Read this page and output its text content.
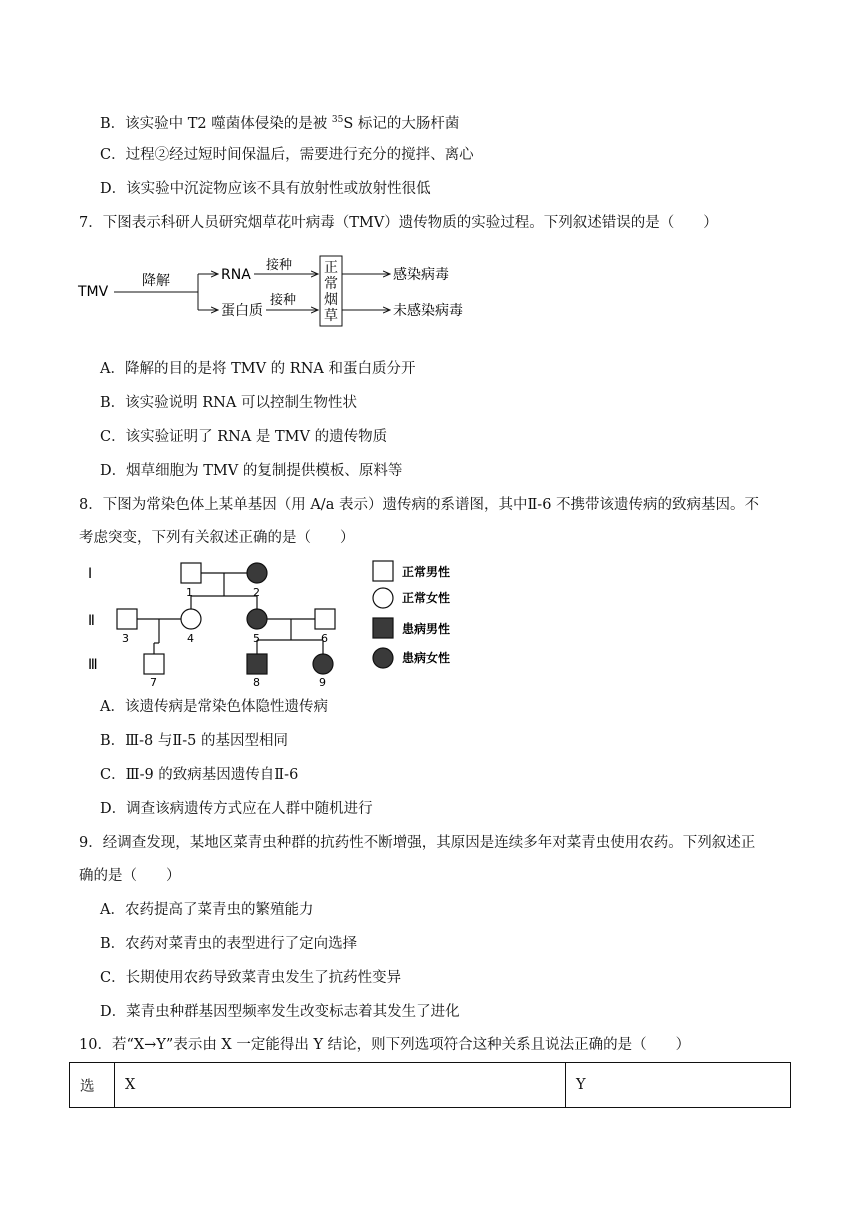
B．该实验中 T2 噬菌体侵染的是被 $^{35}$S 标记的大肠杆菌
C．过程②经过短时间保温后，需要进行充分的搅拌、离心
D．该实验中沉淀物应该不具有放射性或放射性很低
7．下图表示科研人员研究烟草花叶病毒（TMV）遗传物质的实验过程。下列叙述错误的是（　　）
TMV
降解	RNA
蛋白质
接种
接种
正
常
烟
草
感染病毒
未感染病毒
A．降解的目的是将 TMV 的 RNA 和蛋白质分开
B．该实验说明 RNA 可以控制生物性状
C．该实验证明了 RNA 是 TMV 的遗传物质
D．烟草细胞为 TMV 的复制提供模板、原料等
8．下图为常染色体上某单基因（用 A/a 表示）遗传病的系谱图，其中Ⅱ-6 不携带该遗传病的致病基因。不
考虑突变，下列有关叙述正确的是（　　）
Ⅰ
Ⅱ
Ⅲ
1	2
3	4	5	6
7	8	9
正常男性
正常女性
患病男性
患病女性
A．该遗传病是常染色体隐性遗传病
B．Ⅲ-8 与Ⅱ-5 的基因型相同
C．Ⅲ-9 的致病基因遗传自Ⅱ-6
D．调查该病遗传方式应在人群中随机进行
9．经调查发现，某地区菜青虫种群的抗药性不断增强，其原因是连续多年对菜青虫使用农药。下列叙述正
确的是（　　）
A．农药提高了菜青虫的繁殖能力
B．农药对菜青虫的表型进行了定向选择
C．长期使用农药导致菜青虫发生了抗药性变异
D．菜青虫种群基因型频率发生改变标志着其发生了进化
10．若“X→Y”表示由 X 一定能得出 Y 结论，则下列选项符合这种关系且说法正确的是（　　）
选	X	Y
